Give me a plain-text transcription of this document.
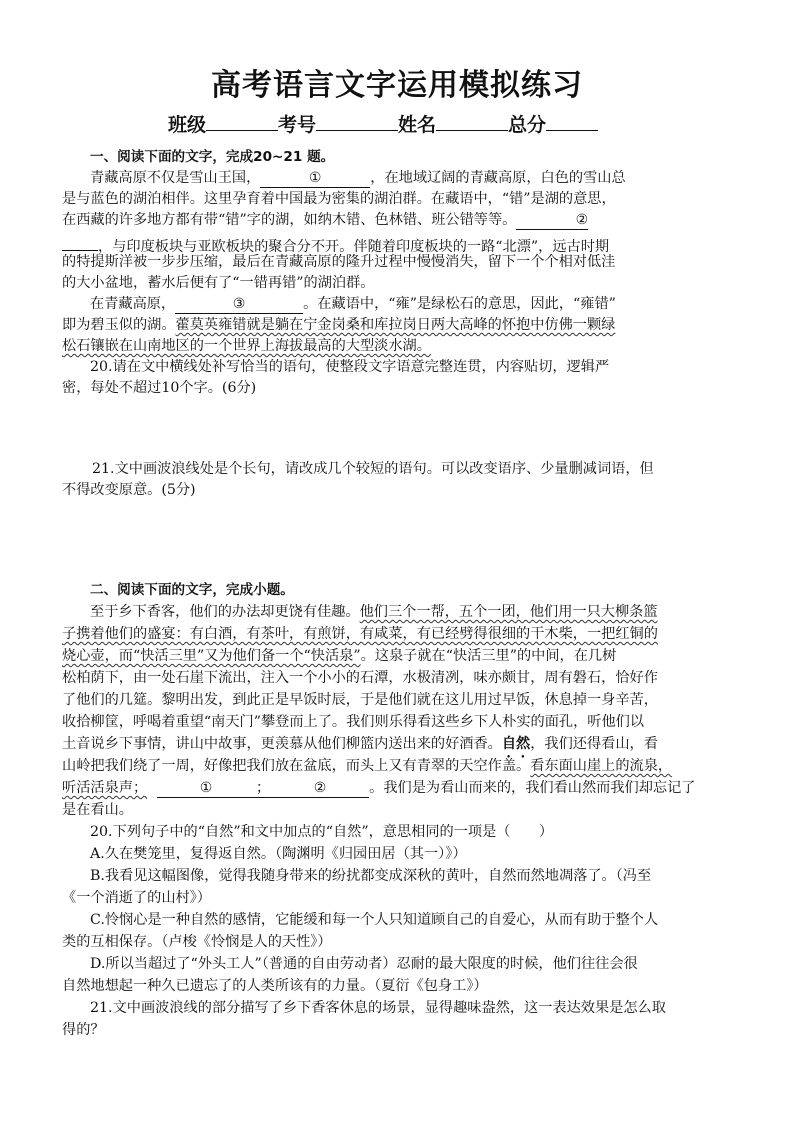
高考语言文字运用模拟练习
班级	考号	姓名	总分
一、阅读下面的文字，完成20~21 题。
青藏高原不仅是雪山王国，	①	，在地域辽阔的青藏高原，白色的雪山总
是与蓝色的湖泊相伴。这里孕育着中国最为密集的湖泊群。在藏语中，“错”是湖的意思，
在西藏的许多地方都有带“错”字的湖，如纳木错、色林错、班公错等等。	②
，与印度板块与亚欧板块的聚合分不开。伴随着印度板块的一路“北漂”，远古时期
的特提斯洋被一步步压缩，最后在青藏高原的隆升过程中慢慢消失，留下一个个相对低洼
的大小盆地，蓄水后便有了“一错再错”的湖泊群。
在青藏高原，	③	。在藏语中，“雍”是绿松石的意思，因此，“雍错”
即为碧玉似的湖。藿莫英雍错就是躺在宁金岗桑和库拉岗日两大高峰的怀抱中仿佛一颗绿
松石镶嵌在山南地区的一个世界上海拔最高的大型淡水湖。
20.请在文中横线处补写恰当的语句，使整段文字语意完整连贯，内容贴切，逻辑严
密，每处不超过10个字。(6分)
21.文中画波浪线处是个长句，请改成几个较短的语句。可以改变语序、少量删减词语，但
不得改变原意。(5分)
二、阅读下面的文字，完成小题。
至于乡下香客，他们的办法却更饶有佳趣。他们三个一帮，五个一团，他们用一只大柳条篮
子携着他们的盛宴：有白酒，有茶叶，有煎饼，有咸菜，有已经劈得很细的干木柴，一把红铜的
烧心壶，而“快活三里”又为他们备一个“快活泉”。这泉子就在“快活三里”的中间，在几树
松柏荫下，由一处石崖下流出，注入一个小小的石潭，水极清冽，味亦颇甘，周有磐石，恰好作
了他们的几筵。黎明出发，到此正是早饭时辰，于是他们就在这儿用过早饭，休息掉一身辛苦，
收拾柳筐，呼喝着重望“南天门”攀登而上了。我们则乐得看这些乡下人朴实的面孔，听他们以
土音说乡下事情，讲山中故事，更羡慕从他们柳篮内送出来的好酒香。自然，我们还得看山，看
山岭把我们绕了一周，好像把我们放在盆底，而头上又有青翠的天空作盖。看东面山崖上的流泉，
听活活泉声；	①	；	②	。我们是为看山而来的，我们看山然而我们却忘记了
是在看山。
20.下列句子中的“自然”和文中加点的“自然”，意思相同的一项是（　　）
A.久在樊笼里，复得返自然。（陶渊明《归园田居（其一）》）
B.我看见这幅图像，觉得我随身带来的纷扰都变成深秋的黄叶，自然而然地凋落了。（冯至
《一个消逝了的山村》）
C.怜悯心是一种自然的感情，它能缓和每一个人只知道顾自己的自爱心，从而有助于整个人
类的互相保存。（卢梭《怜悯是人的天性》）
D.所以当超过了“外头工人”（普通的自由劳动者）忍耐的最大限度的时候，他们往往会很
自然地想起一种久已遗忘了的人类所该有的力量。（夏衍《包身工》）
21.文中画波浪线的部分描写了乡下香客休息的场景，显得趣味盎然，这一表达效果是怎么取
得的？
